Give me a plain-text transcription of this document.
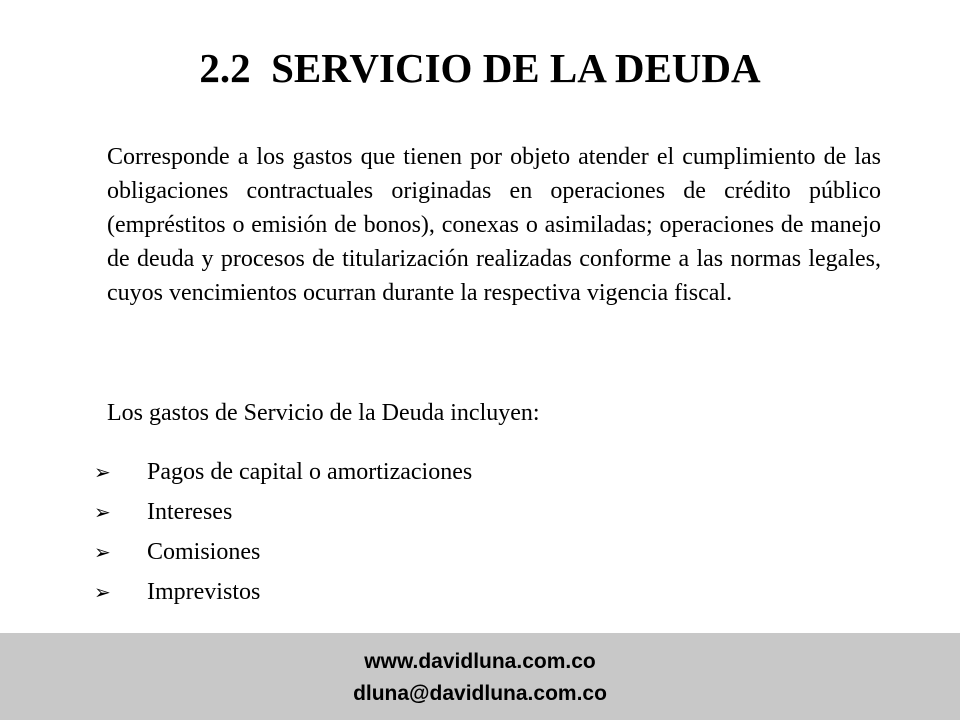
2.2  SERVICIO DE LA DEUDA

Corresponde a los gastos que tienen por objeto atender el cumplimiento de las obligaciones contractuales originadas en operaciones de crédito público (empréstitos o emisión de bonos), conexas o asimiladas; operaciones de manejo de deuda y procesos de titularización realizadas conforme a las normas legales, cuyos vencimientos ocurran durante la respectiva vigencia fiscal.

Los gastos de Servicio de la Deuda incluyen:

➢	Pagos de capital o amortizaciones
➢	Intereses
➢	Comisiones
➢	Imprevistos
www.davidluna.com.co
dluna@davidluna.com.co
